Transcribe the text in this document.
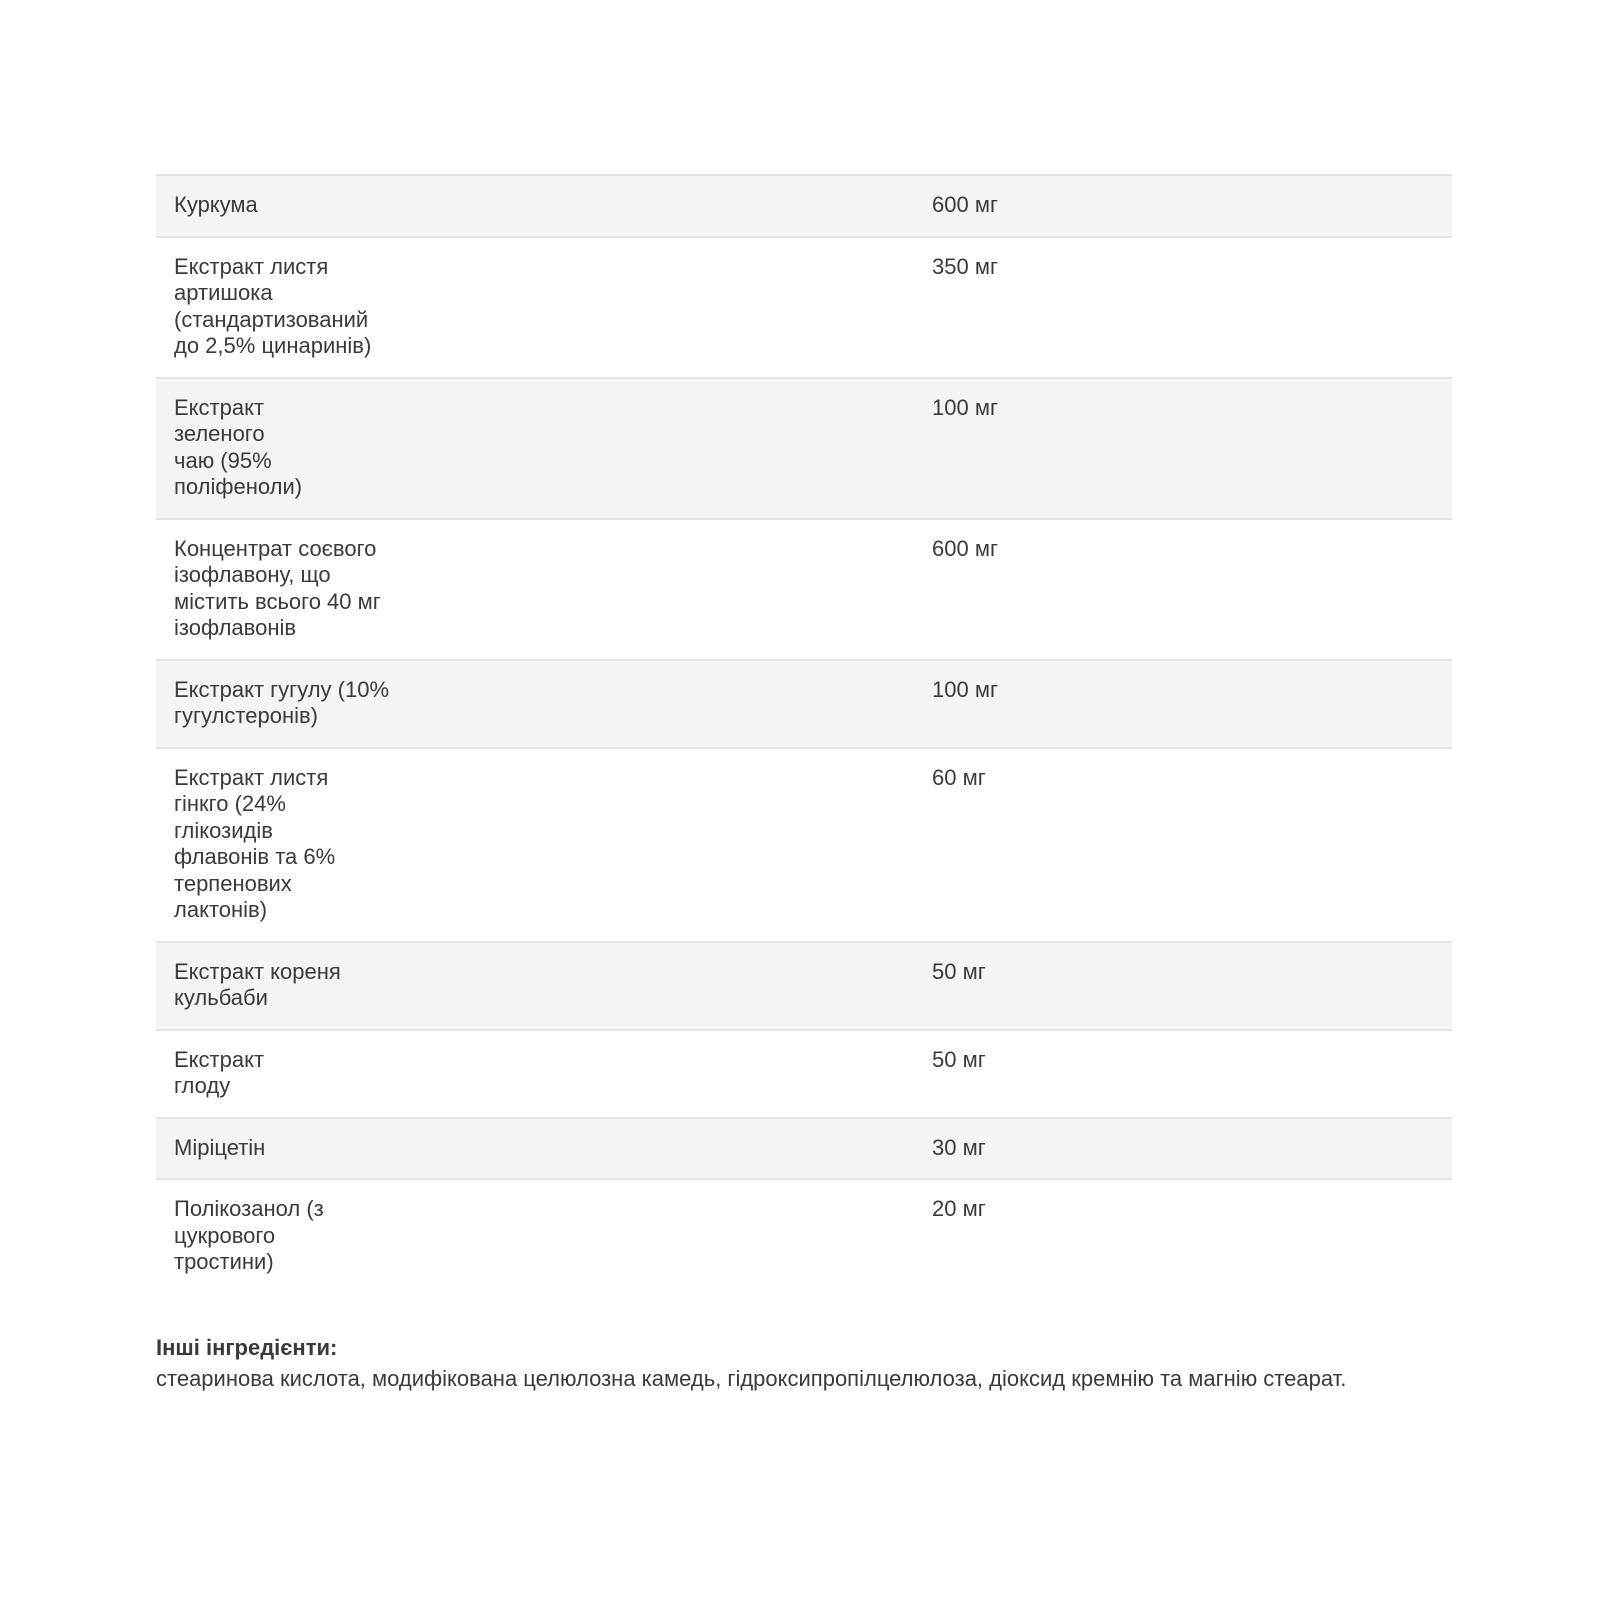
Куркума	600 мг

Екстракт листя артишока (стандартизований до 2,5% цинаринів)	350 мг

Екстракт зеленого чаю (95% поліфеноли)	100 мг

Концентрат соєвого ізофлавону, що містить всього 40 мг ізофлавонів	600 мг

Екстракт гугулу (10% гугулстеронів)	100 мг

Екстракт листя гінкго (24% глікозидів флавонів та 6% терпенових лактонів)	60 мг

Екстракт кореня кульбаби	50 мг

Екстракт глоду	50 мг

Міріцетін	30 мг

Полікозанол (з цукрового тростини)	20 мг
Інші інгредієнти:
стеаринова кислота, модифікована целюлозна камедь, гідроксипропілцелюлоза, діоксид кремнію та магнію стеарат.
